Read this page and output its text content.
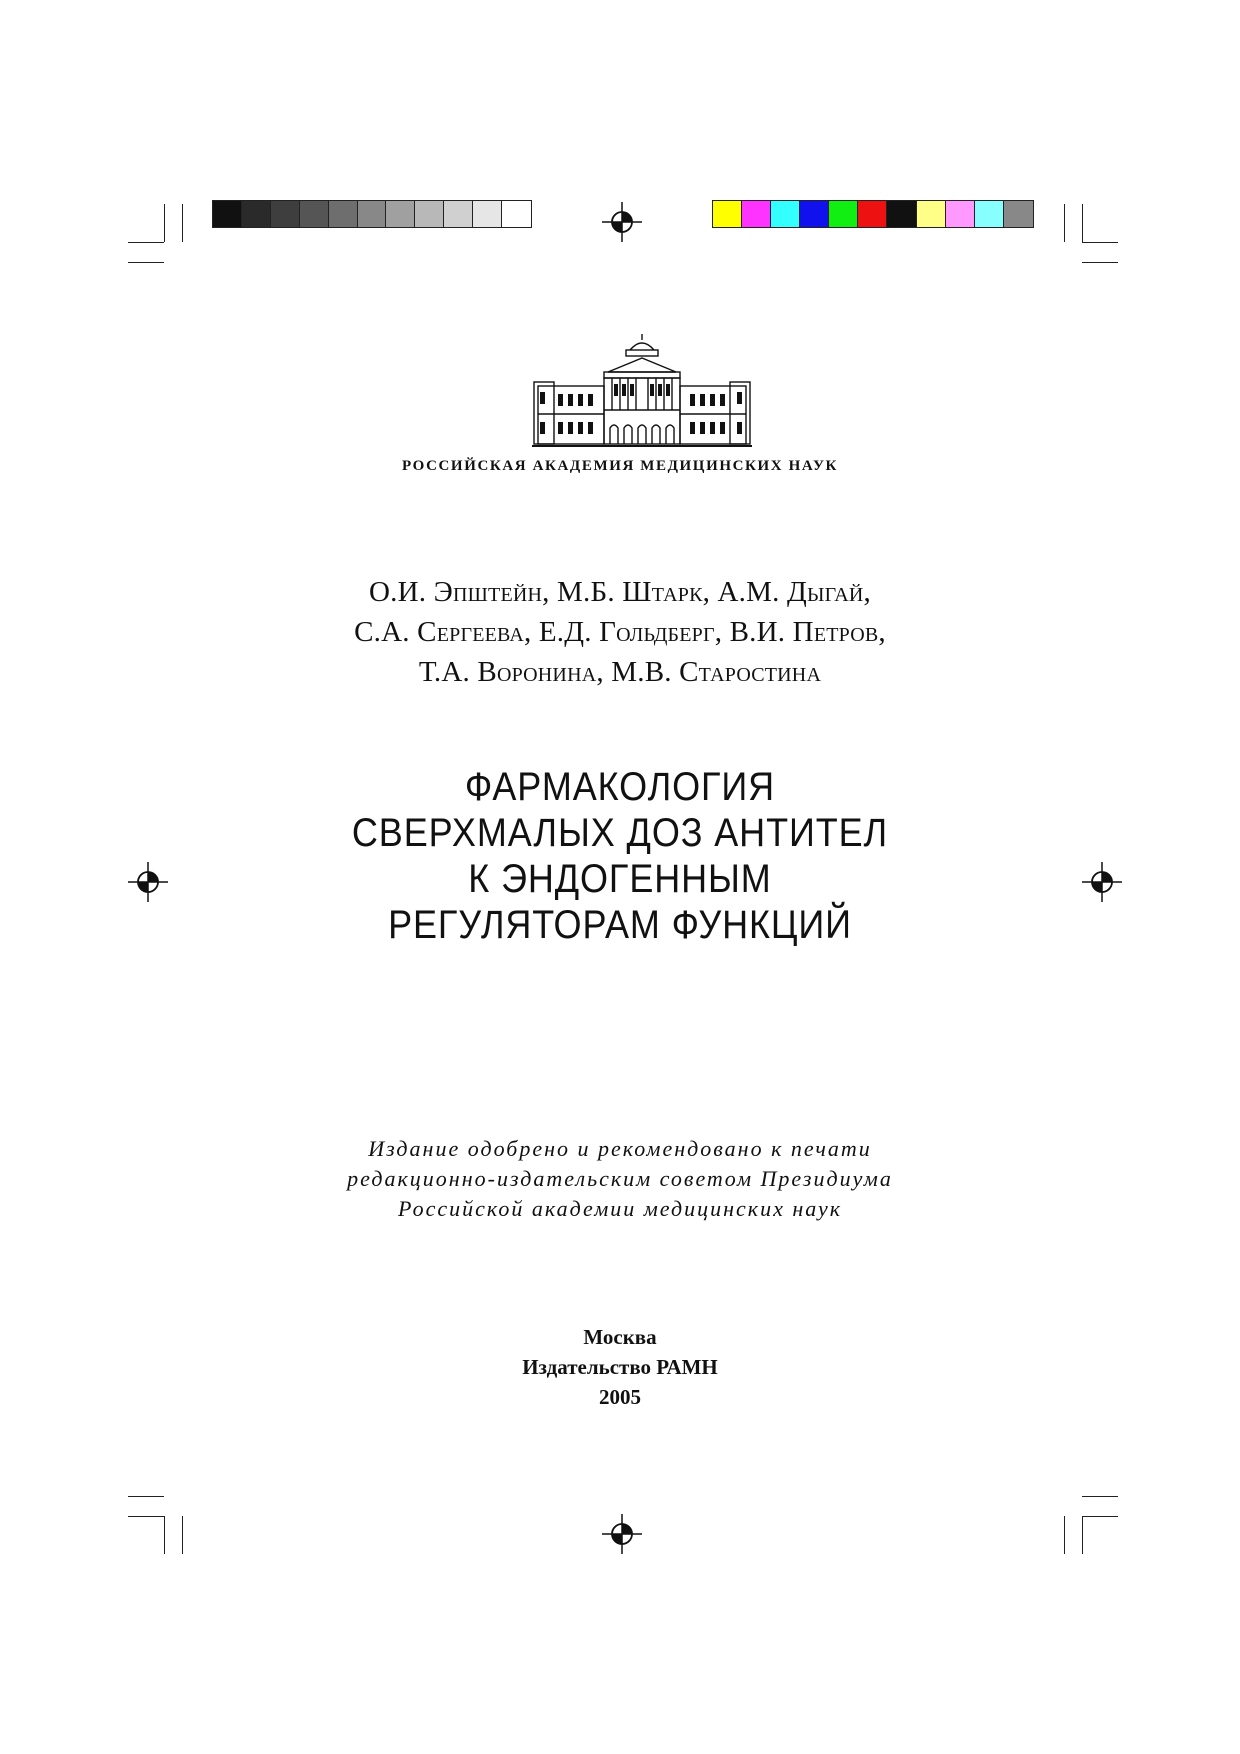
РОССИЙСКАЯ АКАДЕМИЯ МЕДИЦИНСКИХ НАУК
О.И. Эпштейн, М.Б. Штарк, А.М. Дыгай,
С.А. Сергеева, Е.Д. Гольдберг, В.И. Петров,
Т.А. Воронина, М.В. Старостина
ФАРМАКОЛОГИЯ
СВЕРХМАЛЫХ ДОЗ АНТИТЕЛ
К ЭНДОГЕННЫМ
РЕГУЛЯТОРАМ ФУНКЦИЙ
Издание одобрено и рекомендовано к печати
редакционно-издательским советом Президиума
Российской академии медицинских наук
Москва
Издательство РАМН
2005
